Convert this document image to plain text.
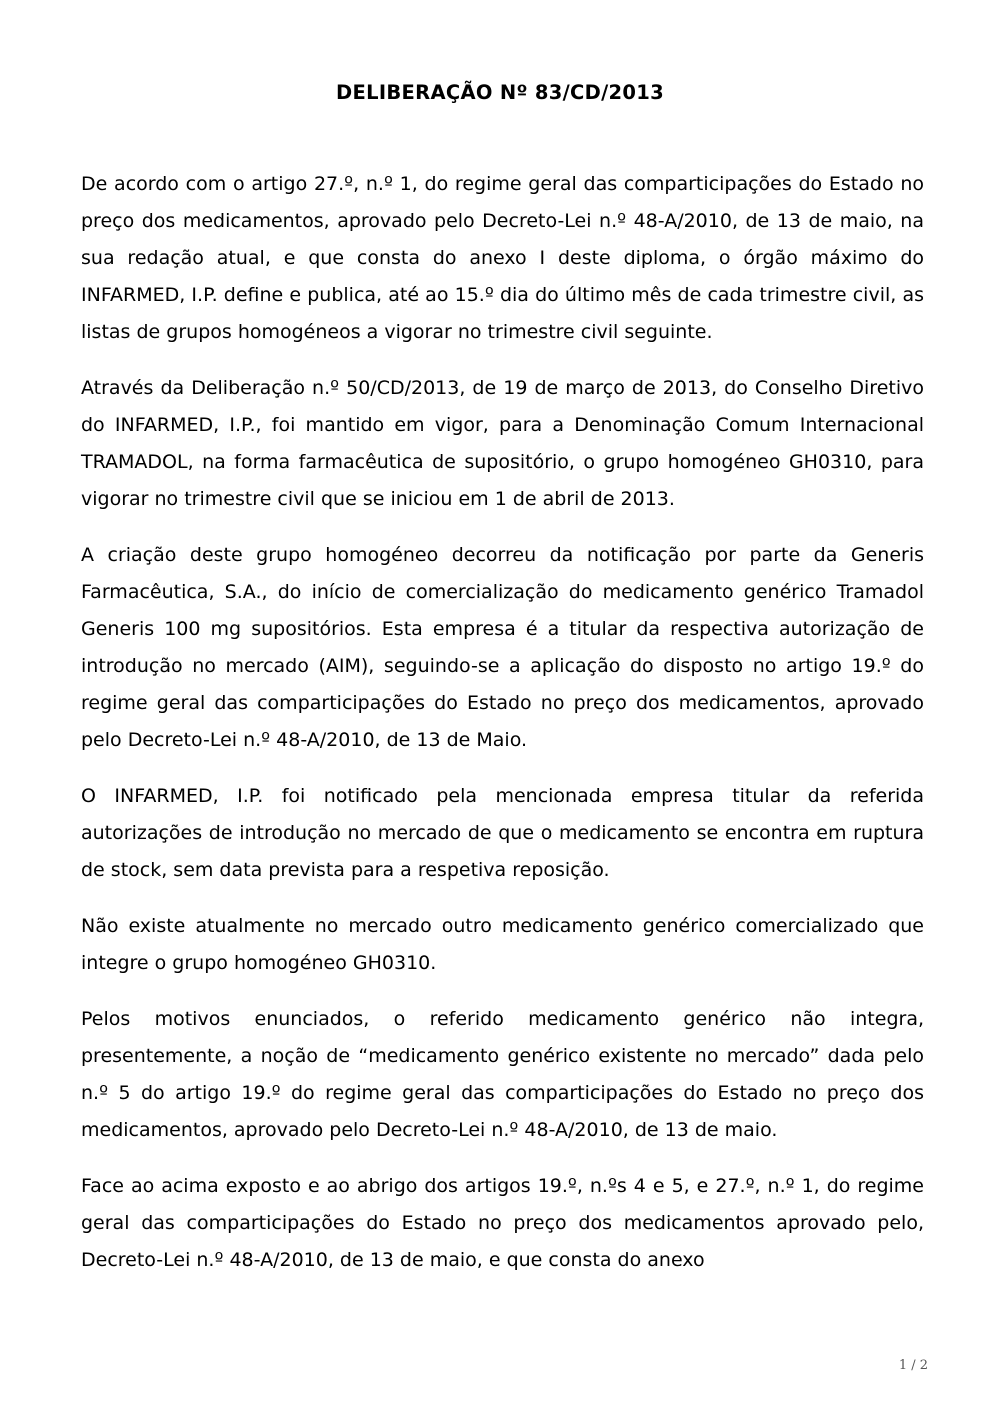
DELIBERAÇÃO Nº 83/CD/2013

De acordo com o artigo 27.º, n.º 1, do regime geral das comparticipações do Estado no preço dos medicamentos, aprovado pelo Decreto-Lei n.º 48-A/2010, de 13 de maio, na sua redação atual, e que consta do anexo I deste diploma, o órgão máximo do INFARMED, I.P. define e publica, até ao 15.º dia do último mês de cada trimestre civil, as listas de grupos homogéneos a vigorar no trimestre civil seguinte.

Através da Deliberação n.º 50/CD/2013, de 19 de março de 2013, do Conselho Diretivo do INFARMED, I.P., foi mantido em vigor, para a Denominação Comum Internacional TRAMADOL, na forma farmacêutica de supositório, o grupo homogéneo GH0310, para vigorar no trimestre civil que se iniciou em 1 de abril de 2013.

A criação deste grupo homogéneo decorreu da notificação por parte da Generis Farmacêutica, S.A., do início de comercialização do medicamento genérico Tramadol Generis 100 mg supositórios. Esta empresa é a titular da respectiva autorização de introdução no mercado (AIM), seguindo-se a aplicação do disposto no artigo 19.º do regime geral das comparticipações do Estado no preço dos medicamentos, aprovado pelo Decreto-Lei n.º 48-A/2010, de 13 de Maio.

O INFARMED, I.P. foi notificado pela mencionada empresa titular da referida autorizações de introdução no mercado de que o medicamento se encontra em ruptura de stock, sem data prevista para a respetiva reposição.

Não existe atualmente no mercado outro medicamento genérico comercializado que integre o grupo homogéneo GH0310.

Pelos motivos enunciados, o referido medicamento genérico não integra, presentemente, a noção de “medicamento genérico existente no mercado” dada pelo n.º 5 do artigo 19.º do regime geral das comparticipações do Estado no preço dos medicamentos, aprovado pelo Decreto-Lei n.º 48-A/2010, de 13 de maio.

Face ao acima exposto e ao abrigo dos artigos 19.º, n.ºs 4 e 5, e 27.º, n.º 1, do regime geral das comparticipações do Estado no preço dos medicamentos aprovado pelo, Decreto-Lei n.º 48-A/2010, de 13 de maio, e que consta do anexo

1 / 2
